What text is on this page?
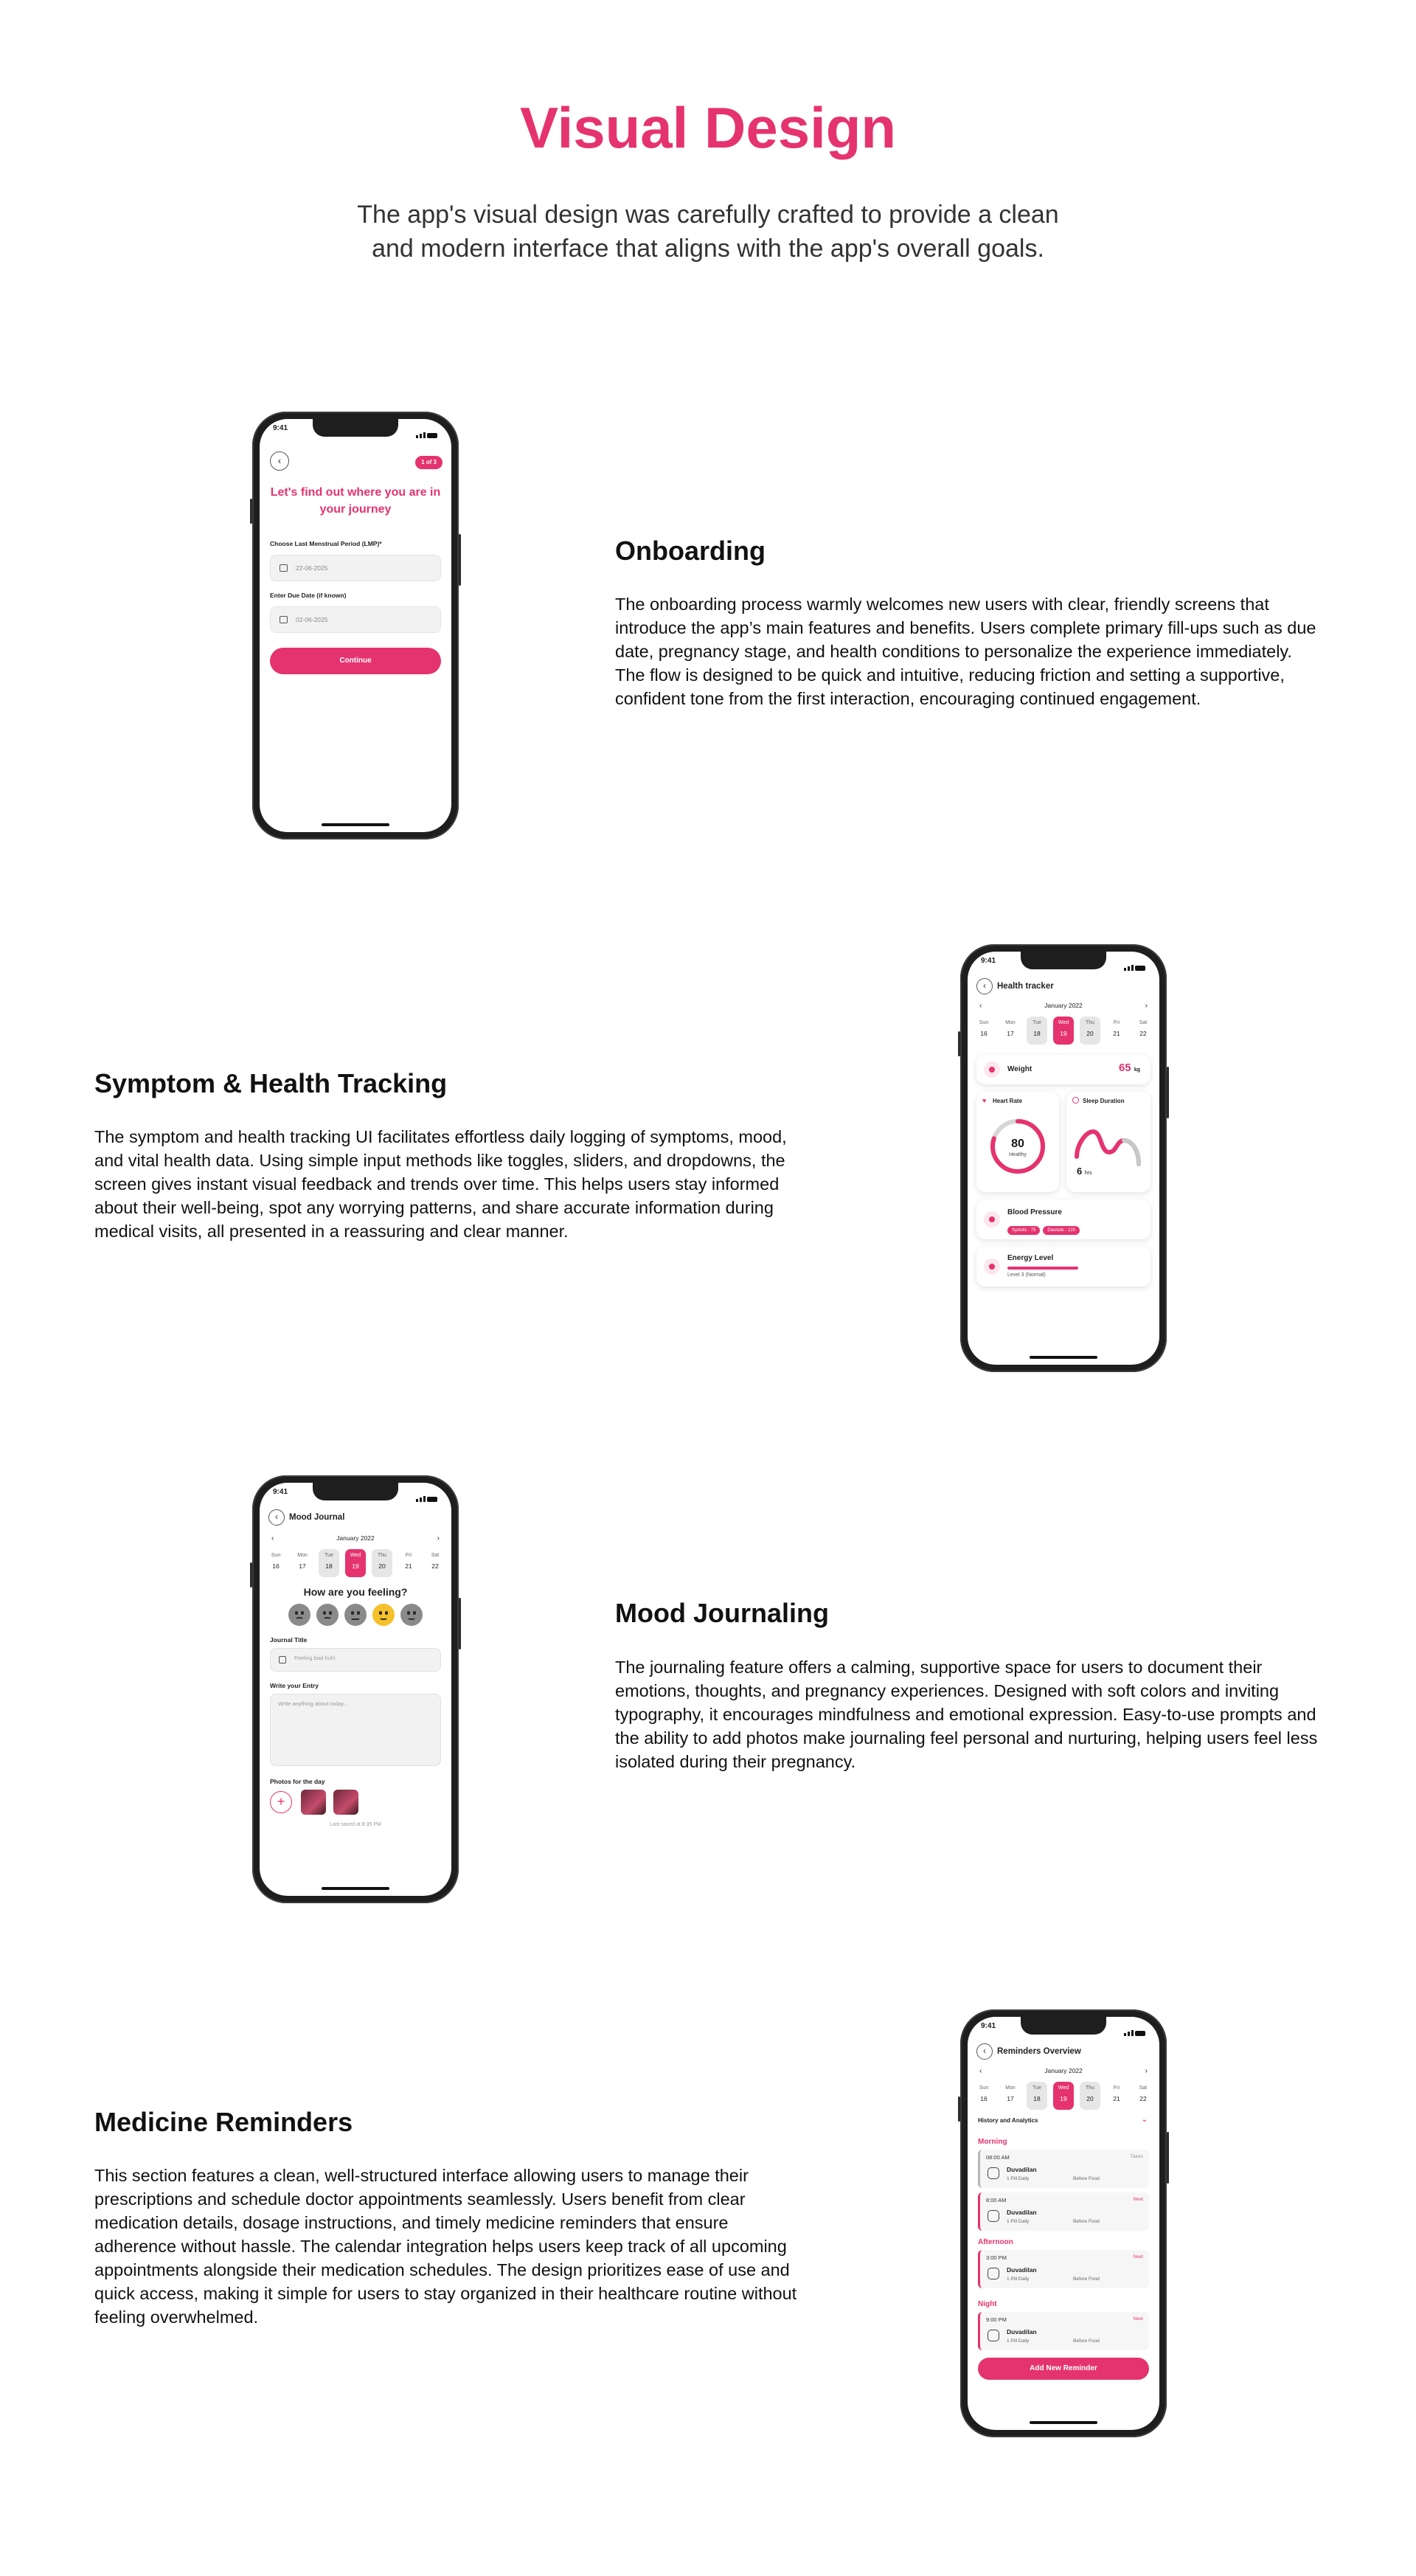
Visual Design

The app's visual design was carefully crafted to provide a clean and modern interface that aligns with the app's overall goals.

9:41
‹	1 of 3
Let's find out where you are in your journey
Choose Last Menstrual Period (LMP)*
22-06-2025
Enter Due Date (if known)
02-06-2025
Continue
Onboarding

The onboarding process warmly welcomes new users with clear, friendly screens that introduce the app’s main features and benefits. Users complete primary fill-ups such as due date, pregnancy stage, and health conditions to personalize the experience immediately. The flow is designed to be quick and intuitive, reducing friction and setting a supportive, confident tone from the first interaction, encouraging continued engagement.

Symptom & Health Tracking

The symptom and health tracking UI facilitates effortless daily logging of symptoms, mood, and vital health data. Using simple input methods like toggles, sliders, and dropdowns, the screen gives instant visual feedback and trends over time. This helps users stay informed about their well-being, spot any worrying patterns, and share accurate information during medical visits, all presented in a reassuring and clear manner.

9:41
‹	Health tracker
‹	January 2022	›
Sun
16
Mon
17
Tue
18
Wed
19
Thu
20
Fri
21
Sat
22
Weight	65 kg
♥ Heart Rate
80
Healthy
Sleep Duration
6 hrs
Blood Pressure
Systolic : 75	Diastolic : 120
Energy Level
Level 3 (Normal)
9:41
‹	Mood Journal
‹	January 2022	›
Sun
16
Mon
17
Tue
18
Wed
19
Thu
20
Fri
21
Sat
22
How are you feeling?
Journal Title
Feeling bad huh!
Write your Entry
Write anything about today...
Photos for the day
+
Last saved at 8:35 PM
Mood Journaling

The journaling feature offers a calming, supportive space for users to document their emotions, thoughts, and pregnancy experiences. Designed with soft colors and inviting typography, it encourages mindfulness and emotional expression. Easy-to-use prompts and the ability to add photos make journaling feel personal and nurturing, helping users feel less isolated during their pregnancy.

Medicine Reminders

This section features a clean, well-structured interface allowing users to manage their prescriptions and schedule doctor appointments seamlessly. Users benefit from clear medication details, dosage instructions, and timely medicine reminders that ensure adherence without hassle. The calendar integration helps users keep track of all upcoming appointments alongside their medication schedules. The design prioritizes ease of use and quick access, making it simple for users to stay organized in their healthcare routine without feeling overwhelmed.

9:41
‹	Reminders Overview
‹	January 2022	›
Sun
16
Mon
17
Tue
18
Wed
19
Thu
20
Fri
21
Sat
22
History and Analytics	⌄
Morning
08:00 AM	Taken
Duvadilan
1 Pill Daily	Before Food
8:00 AM	Next
Duvadilan
1 Pill Daily	Before Food
Afternoon
3:00 PM	Next
Duvadilan
1 Pill Daily	Before Food
Night
9:00 PM	Next
Duvadilan
1 Pill Daily	Before Food
Add New Reminder
